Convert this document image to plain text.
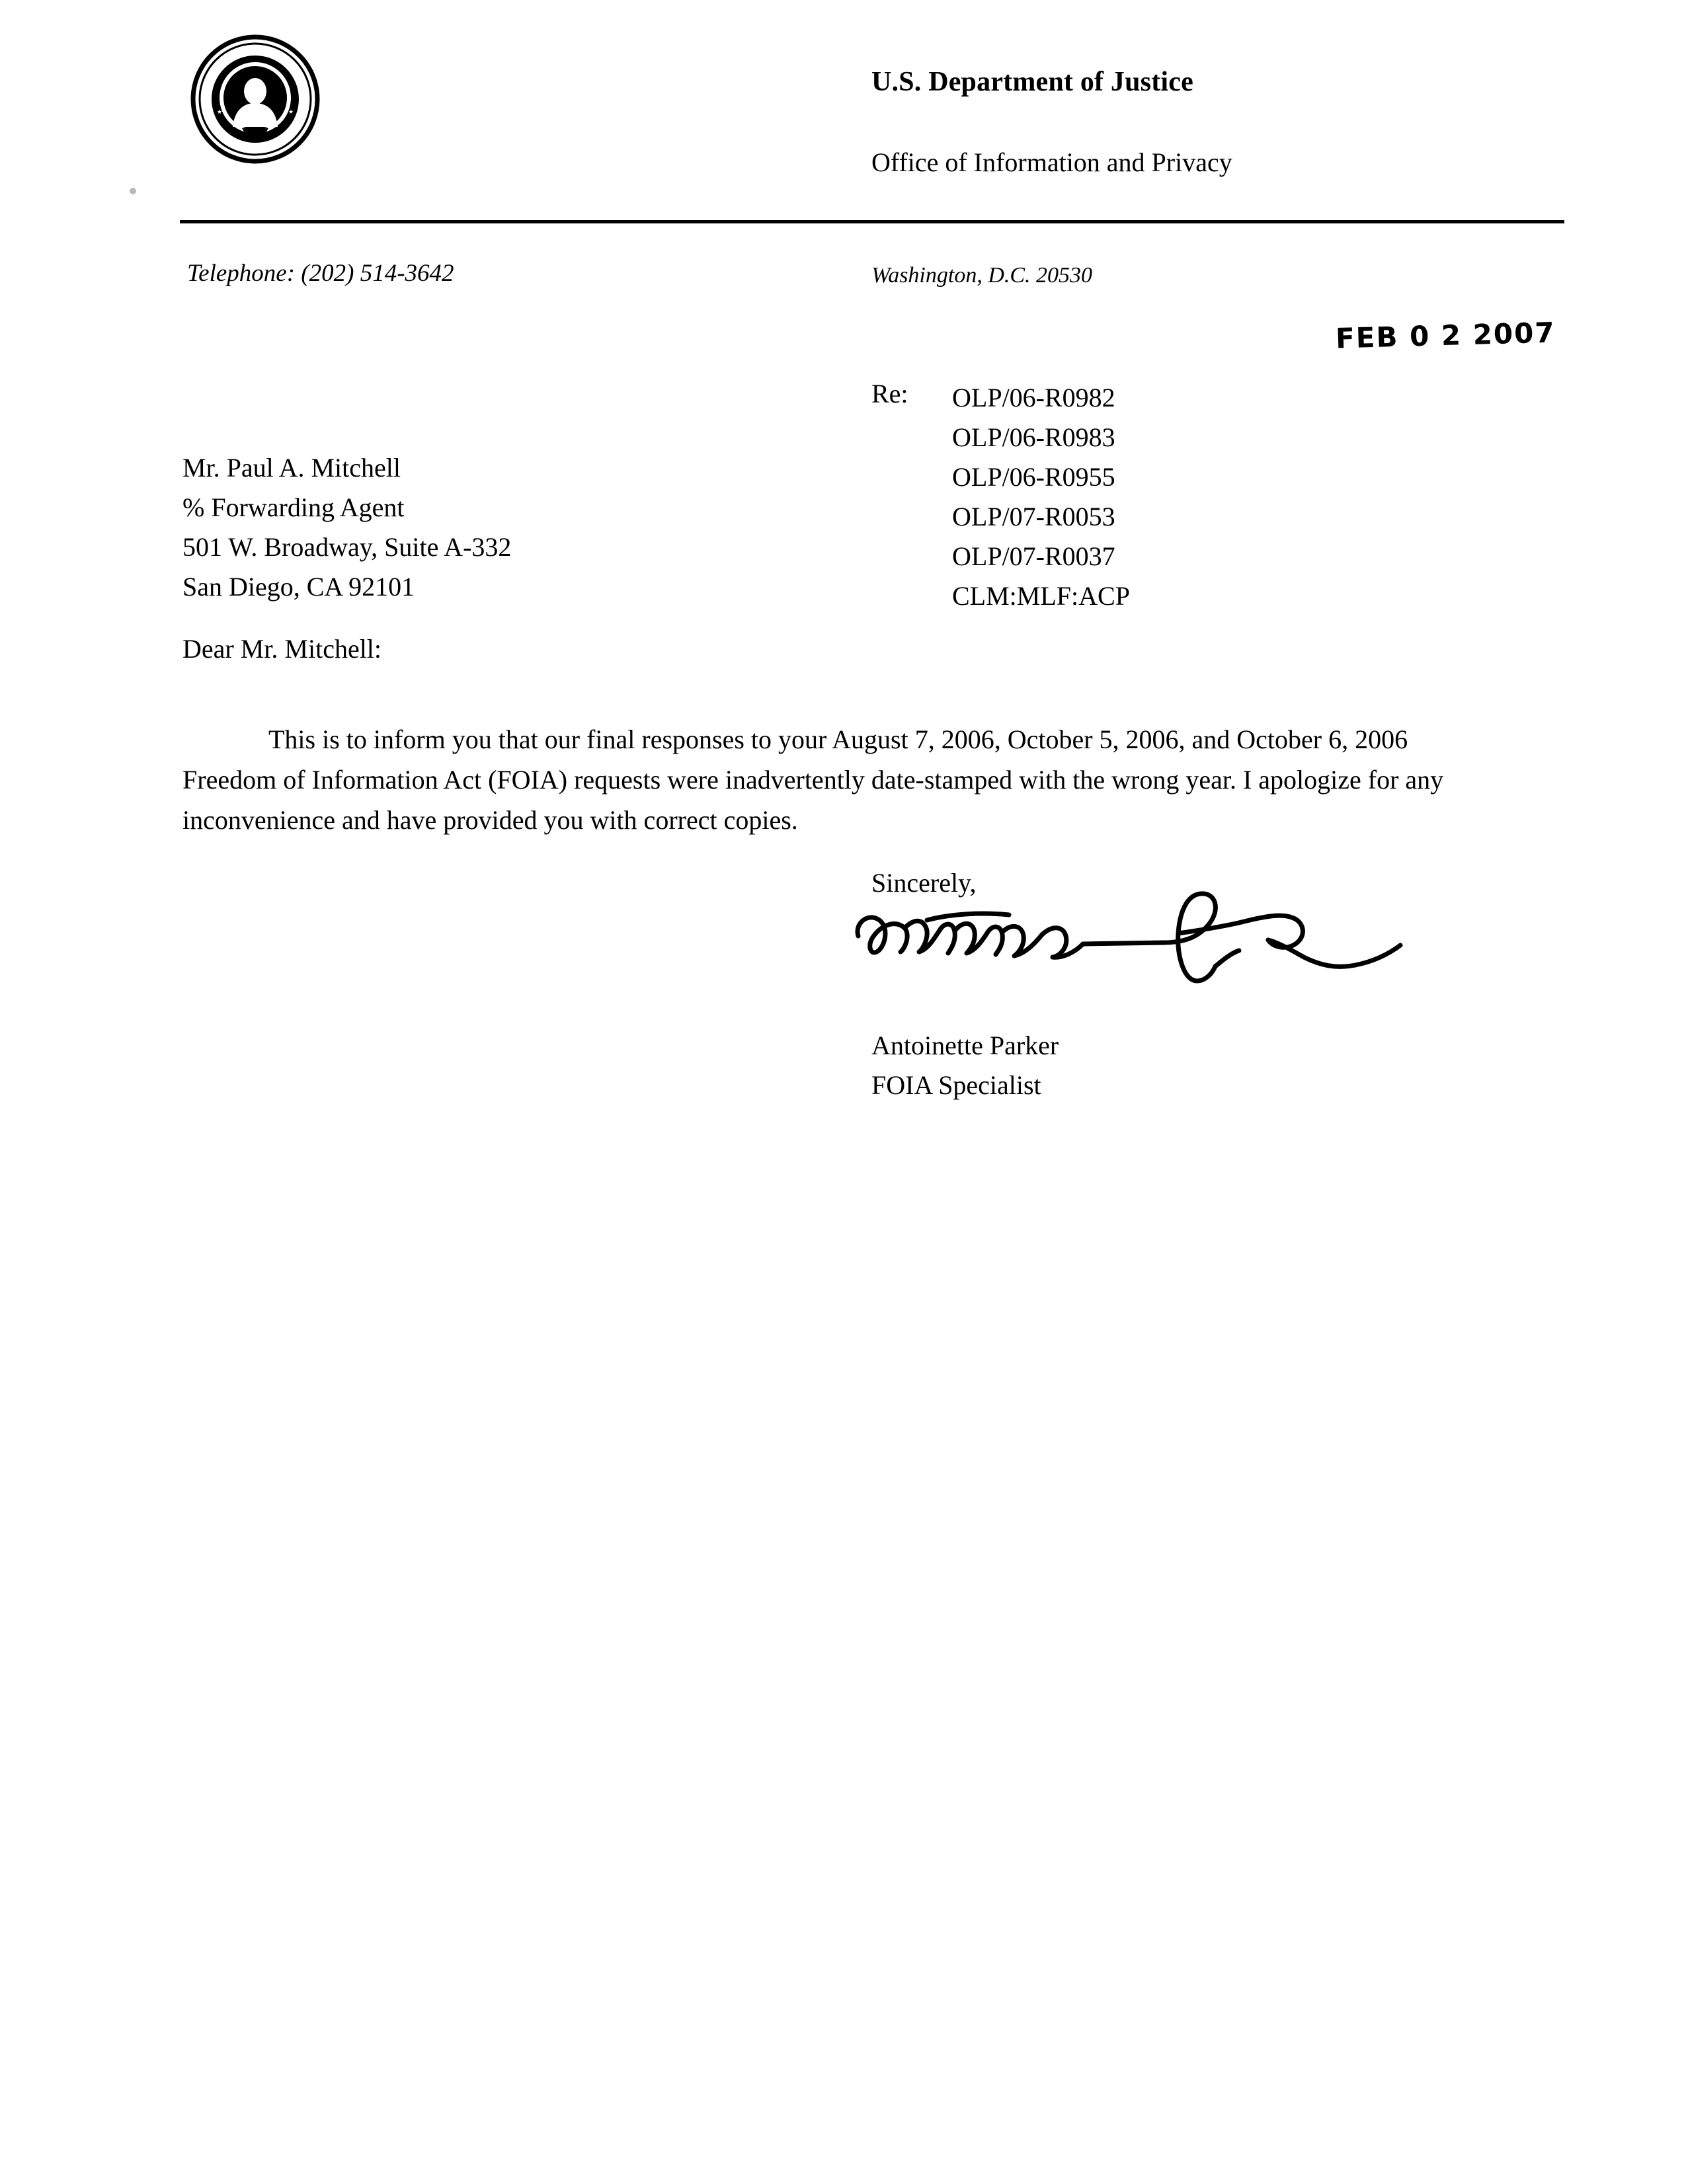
★	★
★	★
U.S. Department of Justice
Office of Information and Privacy
Telephone: (202) 514-3642	Washington, D.C. 20530
FEB 0 2 2007
Re: OLP/06-R0982
OLP/06-R0983
OLP/06-R0955
OLP/07-R0053
OLP/07-R0037
CLM:MLF:ACP
Mr. Paul A. Mitchell
% Forwarding Agent
501 W. Broadway, Suite A-332
San Diego, CA 92101
Dear Mr. Mitchell:
This is to inform you that our final responses to your August 7, 2006, October 5, 2006, and October 6, 2006 Freedom of Information Act (FOIA) requests were inadvertently date-stamped with the wrong year. I apologize for any inconvenience and have provided you with correct copies.
Sincerely,
Antoinette Parker
FOIA Specialist
